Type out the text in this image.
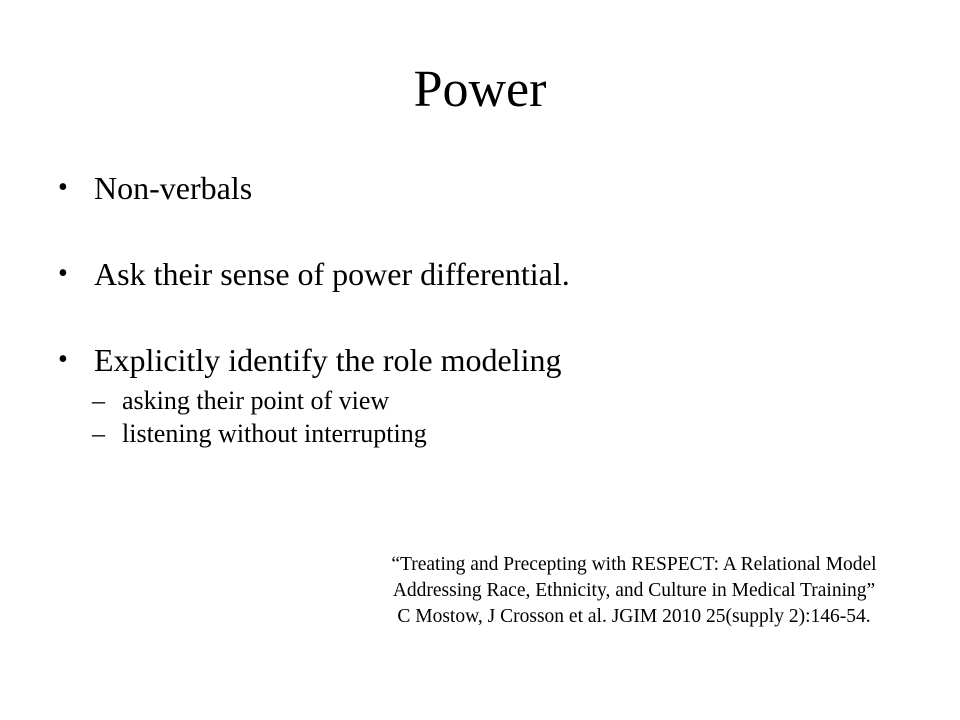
Power
• Non-verbals
• Ask their sense of power differential.
• Explicitly identify the role modeling
– asking their point of view
– listening without interrupting
“Treating and Precepting with RESPECT: A Relational Model
Addressing Race, Ethnicity, and Culture in Medical Training”
C Mostow, J Crosson et al. JGIM 2010 25(supply 2):146-54.
